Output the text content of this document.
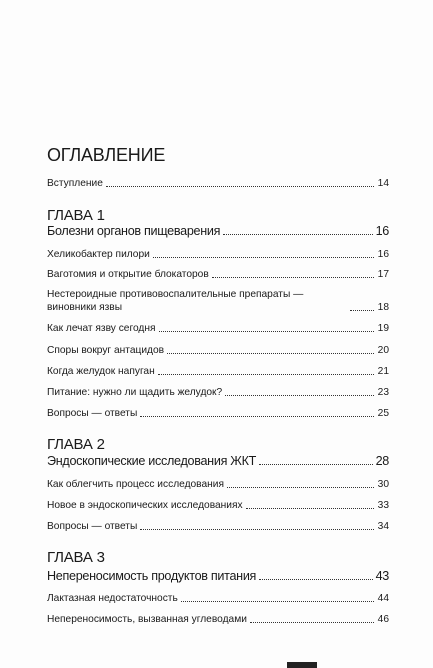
ОГЛАВЛЕНИЕ
Вступление	14
ГЛАВА 1
Болезни органов пищеварения	16
Хеликобактер пилори	16
Ваготомия и открытие блокаторов	17
Нестероидные противовоспалительные препараты —
виновники язвы	18
Как лечат язву сегодня	19
Споры вокруг антацидов	20
Когда желудок напуган	21
Питание: нужно ли щадить желудок?	23
Вопросы — ответы	25
ГЛАВА 2
Эндоскопические исследования ЖКТ	28
Как облегчить процесс исследования	30
Новое в эндоскопических исследованиях	33
Вопросы — ответы	34
ГЛАВА 3
Непереносимость продуктов питания	43
Лактазная недостаточность	44
Непереносимость, вызванная углеводами	46
